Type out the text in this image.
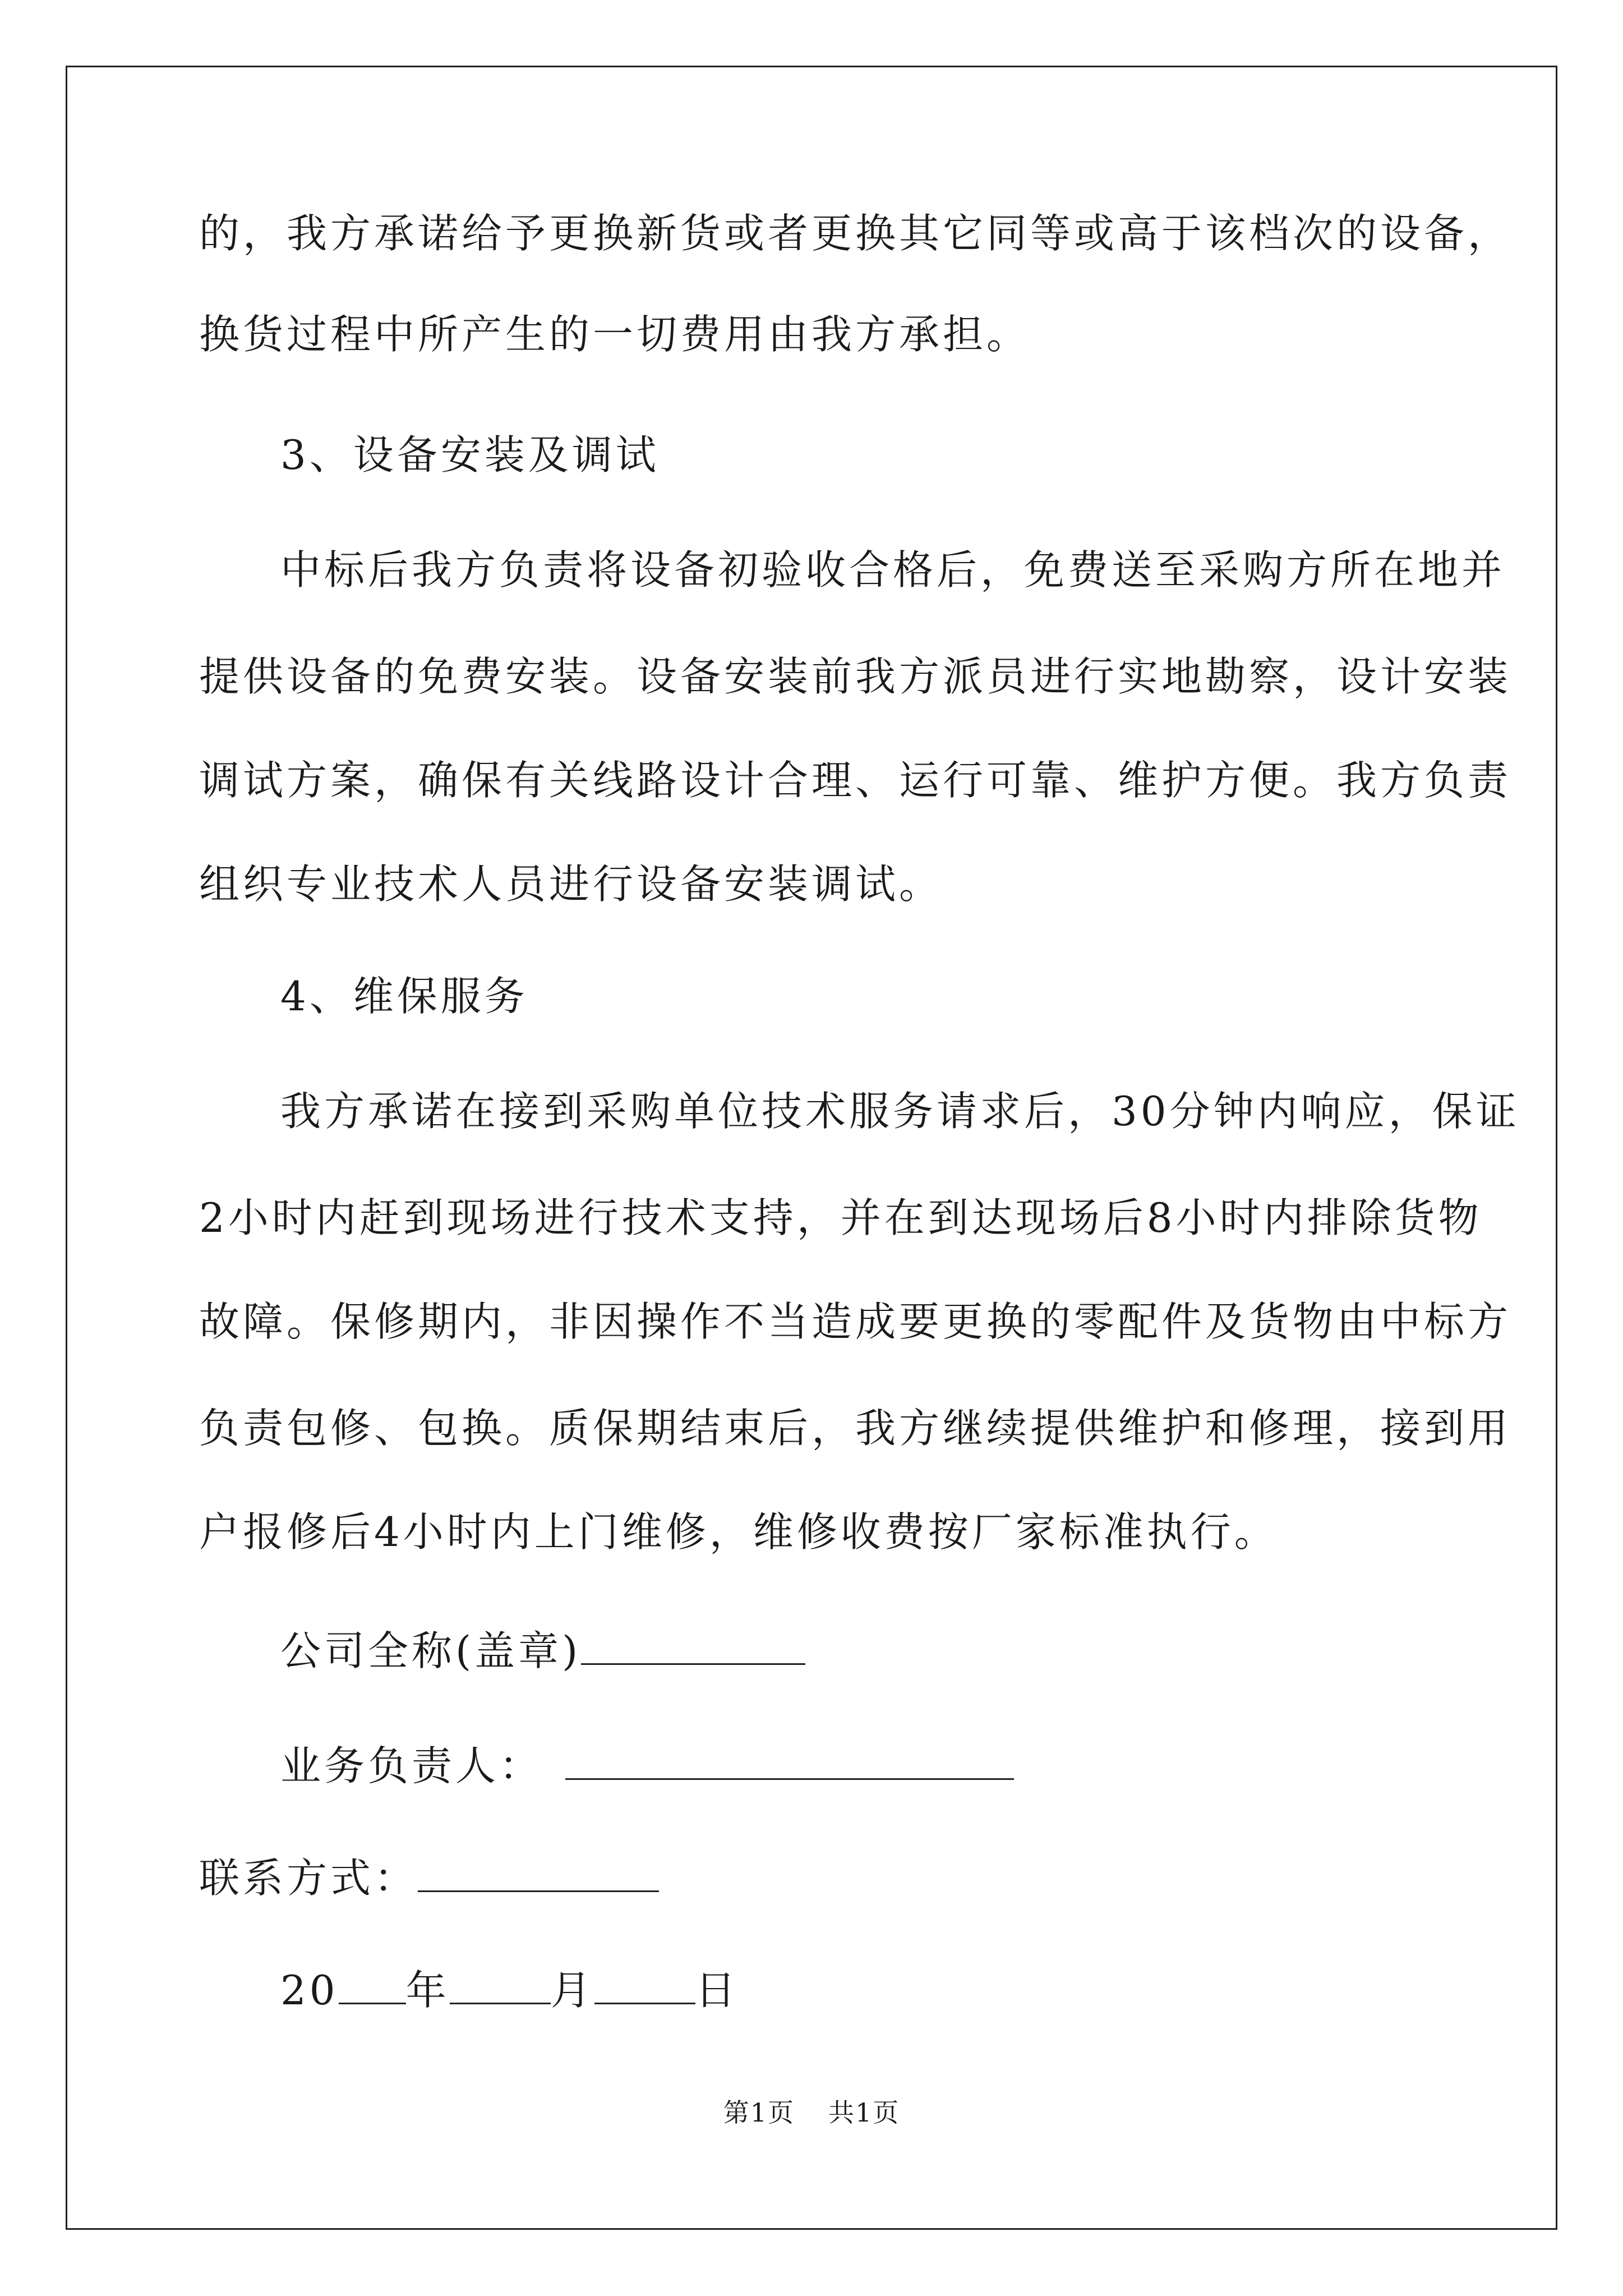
的，我方承诺给予更换新货或者更换其它同等或高于该档次的设备，
换货过程中所产生的一切费用由我方承担。
3、设备安装及调试
中标后我方负责将设备初验收合格后，免费送至采购方所在地并
提供设备的免费安装。设备安装前我方派员进行实地勘察，设计安装
调试方案，确保有关线路设计合理、运行可靠、维护方便。我方负责
组织专业技术人员进行设备安装调试。
4、维保服务
我方承诺在接到采购单位技术服务请求后，30分钟内响应，保证
2小时内赶到现场进行技术支持，并在到达现场后8小时内排除货物
故障。保修期内，非因操作不当造成要更换的零配件及货物由中标方
负责包修、包换。质保期结束后，我方继续提供维护和修理，接到用
户报修后4小时内上门维修，维修收费按厂家标准执行。
公司全称(盖章)
业务负责人：
联系方式：
20 年	月	日
第1页 共1页
